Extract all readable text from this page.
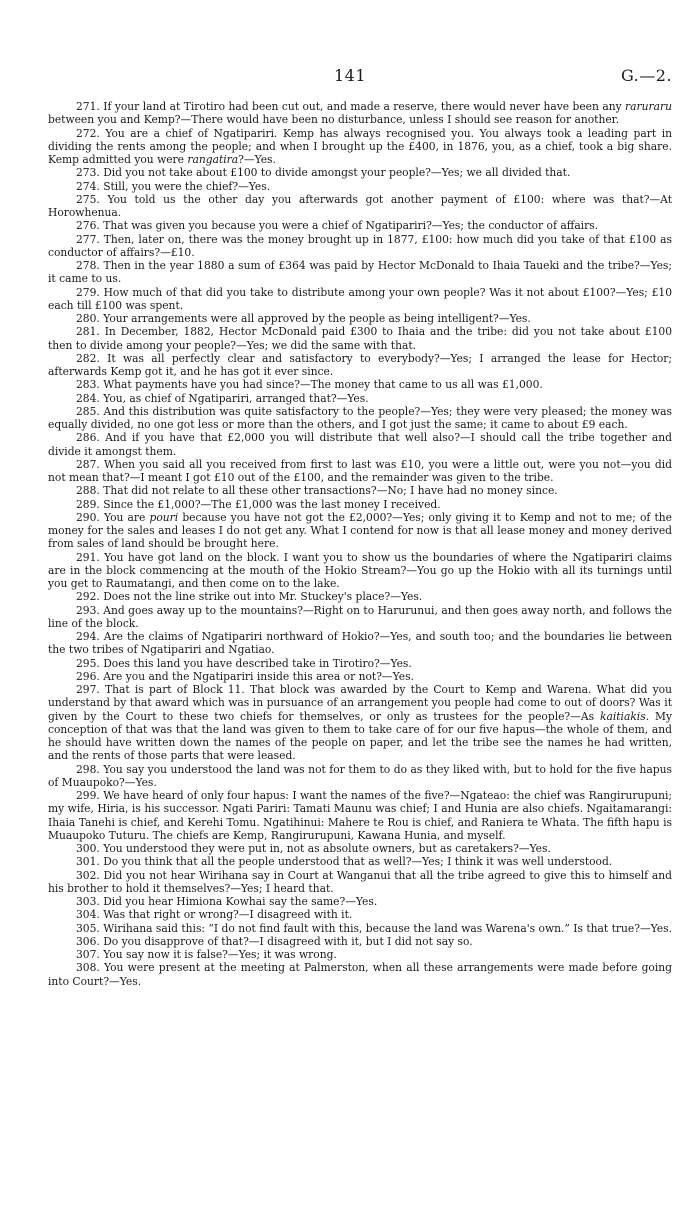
141	G.—2.

271. If your land at Tirotiro had been cut out, and made a reserve, there would never have been any raruraru between you and Kemp?—There would have been no disturbance, unless I should see reason for another.

272. You are a chief of Ngatipariri. Kemp has always recognised you. You always took a leading part in dividing the rents among the people; and when I brought up the £400, in 1876, you, as a chief, took a big share. Kemp admitted you were rangatira?—Yes.

273. Did you not take about £100 to divide amongst your people?—Yes; we all divided that.

274. Still, you were the chief?—Yes.

275. You told us the other day you afterwards got another payment of £100: where was that?—At Horowhenua.

276. That was given you because you were a chief of Ngatipariri?—Yes; the conductor of affairs.

277. Then, later on, there was the money brought up in 1877, £100: how much did you take of that £100 as conductor of affairs?—£10.

278. Then in the year 1880 a sum of £364 was paid by Hector McDonald to Ihaia Taueki and the tribe?—Yes; it came to us.

279. How much of that did you take to distribute among your own people? Was it not about £100?—Yes; £10 each till £100 was spent.

280. Your arrangements were all approved by the people as being intelligent?—Yes.

281. In December, 1882, Hector McDonald paid £300 to Ihaia and the tribe: did you not take about £100 then to divide among your people?—Yes; we did the same with that.

282. It was all perfectly clear and satisfactory to everybody?—Yes; I arranged the lease for Hector; afterwards Kemp got it, and he has got it ever since.

283. What payments have you had since?—The money that came to us all was £1,000.

284. You, as chief of Ngatipariri, arranged that?—Yes.

285. And this distribution was quite satisfactory to the people?—Yes; they were very pleased; the money was equally divided, no one got less or more than the others, and I got just the same; it came to about £9 each.

286. And if you have that £2,000 you will distribute that well also?—I should call the tribe together and divide it amongst them.

287. When you said all you received from first to last was £10, you were a little out, were you not—you did not mean that?—I meant I got £10 out of the £100, and the remainder was given to the tribe.

288. That did not relate to all these other transactions?—No; I have had no money since.

289. Since the £1,000?—The £1,000 was the last money I received.

290. You are pouri because you have not got the £2,000?—Yes; only giving it to Kemp and not to me; of the money for the sales and leases I do not get any. What I contend for now is that all lease money and money derived from sales of land should be brought here.

291. You have got land on the block. I want you to show us the boundaries of where the Ngatipariri claims are in the block commencing at the mouth of the Hokio Stream?—You go up the Hokio with all its turnings until you get to Raumatangi, and then come on to the lake.

292. Does not the line strike out into Mr. Stuckey's place?—Yes.

293. And goes away up to the mountains?—Right on to Harurunui, and then goes away north, and follows the line of the block.

294. Are the claims of Ngatipariri northward of Hokio?—Yes, and south too; and the boundaries lie between the two tribes of Ngatipariri and Ngatiao.

295. Does this land you have described take in Tirotiro?—Yes.

296. Are you and the Ngatipariri inside this area or not?—Yes.

297. That is part of Block 11. That block was awarded by the Court to Kemp and Warena. What did you understand by that award which was in pursuance of an arrangement you people had come to out of doors? Was it given by the Court to these two chiefs for themselves, or only as trustees for the people?—As kaitiakis. My conception of that was that the land was given to them to take care of for our five hapus—the whole of them, and he should have written down the names of the people on paper, and let the tribe see the names he had written, and the rents of those parts that were leased.

298. You say you understood the land was not for them to do as they liked with, but to hold for the five hapus of Muaupoko?—Yes.

299. We have heard of only four hapus: I want the names of the five?—Ngateao: the chief was Rangirurupuni; my wife, Hiria, is his successor. Ngati Pariri: Tamati Maunu was chief; I and Hunia are also chiefs. Ngaitamarangi: Ihaia Tanehi is chief, and Kerehi Tomu. Ngatihinui: Mahere te Rou is chief, and Raniera te Whata. The fifth hapu is Muaupoko Tuturu. The chiefs are Kemp, Rangirurupuni, Kawana Hunia, and myself.

300. You understood they were put in, not as absolute owners, but as caretakers?—Yes.

301. Do you think that all the people understood that as well?—Yes; I think it was well understood.

302. Did you not hear Wirihana say in Court at Wanganui that all the tribe agreed to give this to himself and his brother to hold it themselves?—Yes; I heard that.

303. Did you hear Himiona Kowhai say the same?—Yes.

304. Was that right or wrong?—I disagreed with it.

305. Wirihana said this: “I do not find fault with this, because the land was Warena's own.” Is that true?—Yes.

306. Do you disapprove of that?—I disagreed with it, but I did not say so.

307. You say now it is false?—Yes; it was wrong.

308. You were present at the meeting at Palmerston, when all these arrangements were made before going into Court?—Yes.
